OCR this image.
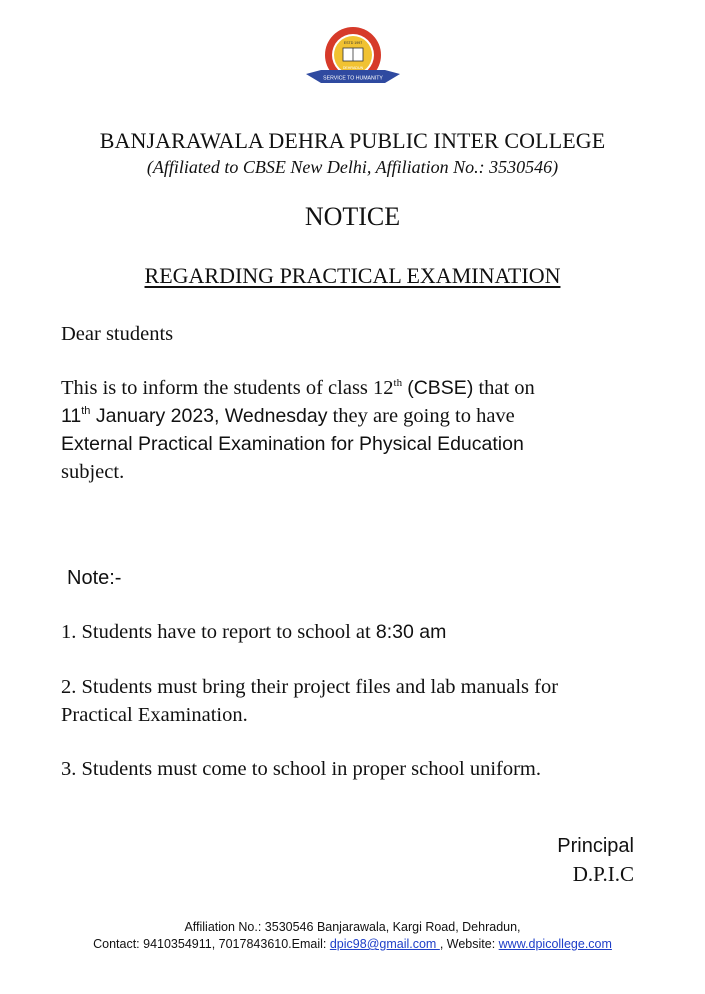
SERVICE TO HUMANITY
ESTD 1997
DEHRADUN
BANJARAWALA DEHRA PUBLIC INTER COLLEGE
(Affiliated to CBSE New Delhi, Affiliation No.: 3530546)
NOTICE
REGARDING PRACTICAL EXAMINATION
Dear students
This is to inform the students of class 12th (CBSE) that on
11th January 2023, Wednesday they are going to have
External Practical Examination for Physical Education
subject.
Note:-
1. Students have to report to school at 8:30 am
2. Students must bring their project files and lab manuals for
Practical Examination.
3. Students must come to school in proper school uniform.
Principal
D.P.I.C
Affiliation No.: 3530546 Banjarawala, Kargi Road, Dehradun,
Contact: 9410354911, 7017843610.Email: dpic98@gmail.com , Website: www.dpicollege.com
